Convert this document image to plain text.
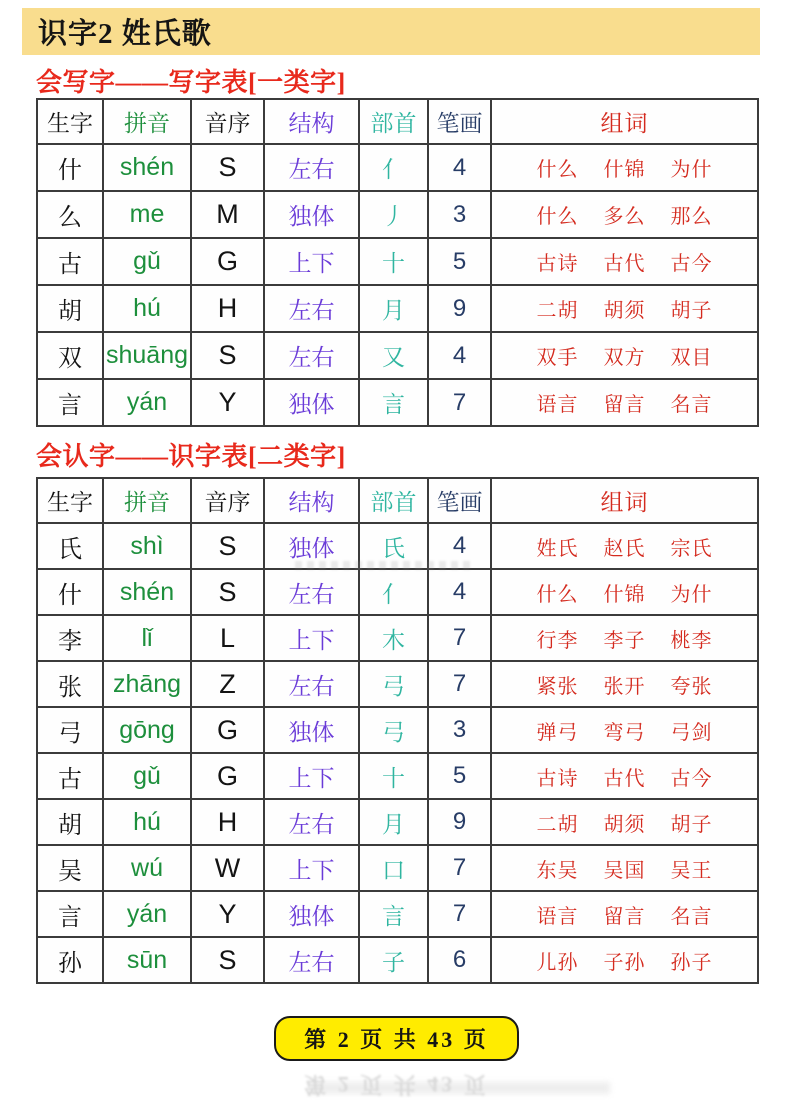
识字2 姓氏歌
会写字——写字表[一类字]
生字	拼音	音序	结构	部首	笔画	组词
什	shén	S	左右	亻	4	什么 什锦 为什
么	me	M	独体	丿	3	什么 多么 那么
古	gǔ	G	上下	十	5	古诗 古代 古今
胡	hú	H	左右	月	9	二胡 胡须 胡子
双	shuāng	S	左右	又	4	双手 双方 双目
言	yán	Y	独体	言	7	语言 留言 名言
会认字——识字表[二类字]
生字	拼音	音序	结构	部首	笔画	组词
氏	shì	S	独体	氏	4	姓氏 赵氏 宗氏
什	shén	S	左右	亻	4	什么 什锦 为什
李	lǐ	L	上下	木	7	行李 李子 桃李
张	zhāng	Z	左右	弓	7	紧张 张开 夸张
弓	gōng	G	独体	弓	3	弹弓 弯弓 弓剑
古	gǔ	G	上下	十	5	古诗 古代 古今
胡	hú	H	左右	月	9	二胡 胡须 胡子
吴	wú	W	上下	口	7	东吴 吴国 吴王
言	yán	Y	独体	言	7	语言 留言 名言
孙	sūn	S	左右	子	6	儿孙 子孙 孙子
第 2 页 共 43 页
第 2 页 共 43 页
